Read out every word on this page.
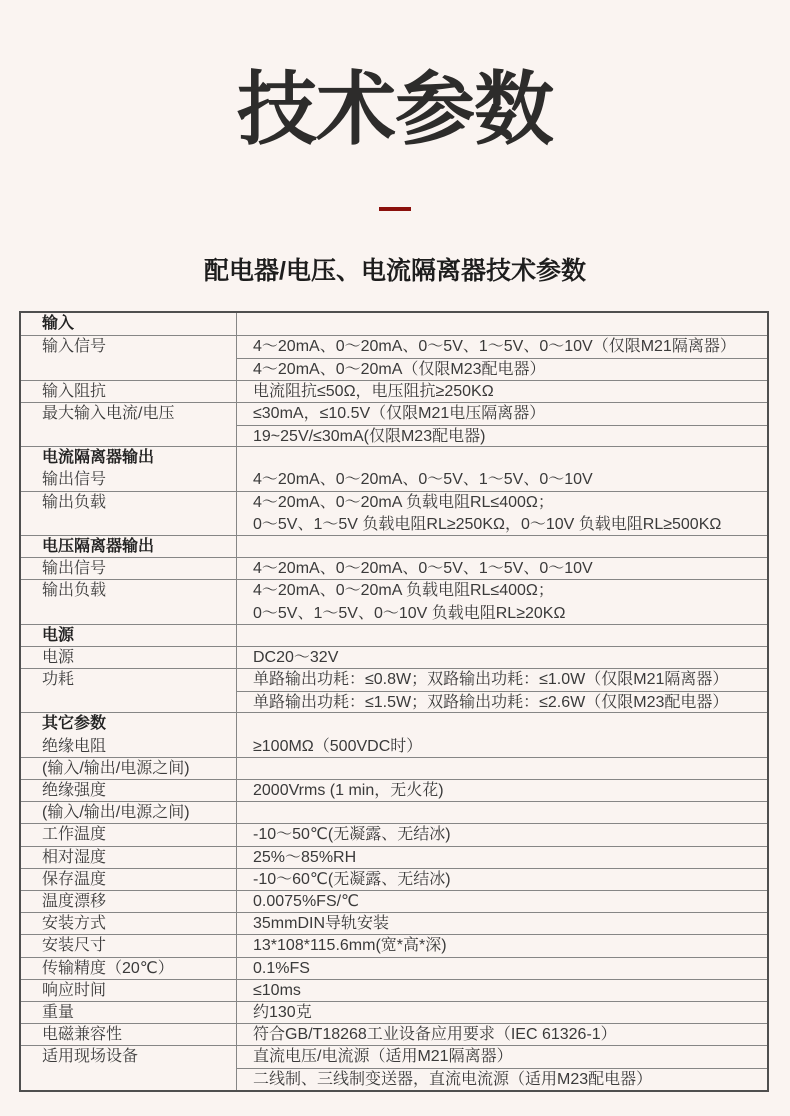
技术参数
配电器/电压、电流隔离器技术参数
输入
输入信号	4～20mA、0～20mA、0～5V、1～5V、0～10V（仅限M21隔离器）
4～20mA、0～20mA（仅限M23配电器）
输入阻抗	电流阻抗≤50Ω，电压阻抗≥250KΩ
最大输入电流/电压	≤30mA，≤10.5V（仅限M21电压隔离器）
19~25V/≤30mA(仅限M23配电器)
电流隔离器输出
输出信号	4～20mA、0～20mA、0～5V、1～5V、0～10V
输出负载	4～20mA、0～20mA 负载电阻RL≤400Ω；
0～5V、1～5V 负载电阻RL≥250KΩ，0～10V 负载电阻RL≥500KΩ
电压隔离器输出
输出信号	4～20mA、0～20mA、0～5V、1～5V、0～10V
输出负载	4～20mA、0～20mA 负载电阻RL≤400Ω；
0～5V、1～5V、0～10V 负载电阻RL≥20KΩ
电源
电源	DC20～32V
功耗	单路输出功耗：≤0.8W；双路输出功耗：≤1.0W（仅限M21隔离器）
单路输出功耗：≤1.5W；双路输出功耗：≤2.6W（仅限M23配电器）
其它参数
绝缘电阻	≥100MΩ（500VDC时）
(输入/输出/电源之间)
绝缘强度	2000Vrms (1 min，无火花)
(输入/输出/电源之间)
工作温度	-10～50℃(无凝露、无结冰)
相对湿度	25%～85%RH
保存温度	-10～60℃(无凝露、无结冰)
温度漂移	0.0075%FS/℃
安装方式	35mmDIN导轨安装
安装尺寸	13*108*115.6mm(宽*高*深)
传输精度（20℃）	0.1%FS
响应时间	≤10ms
重量	约130克
电磁兼容性	符合GB/T18268工业设备应用要求（IEC 61326-1）
适用现场设备	直流电压/电流源（适用M21隔离器）
二线制、三线制变送器，直流电流源（适用M23配电器）
